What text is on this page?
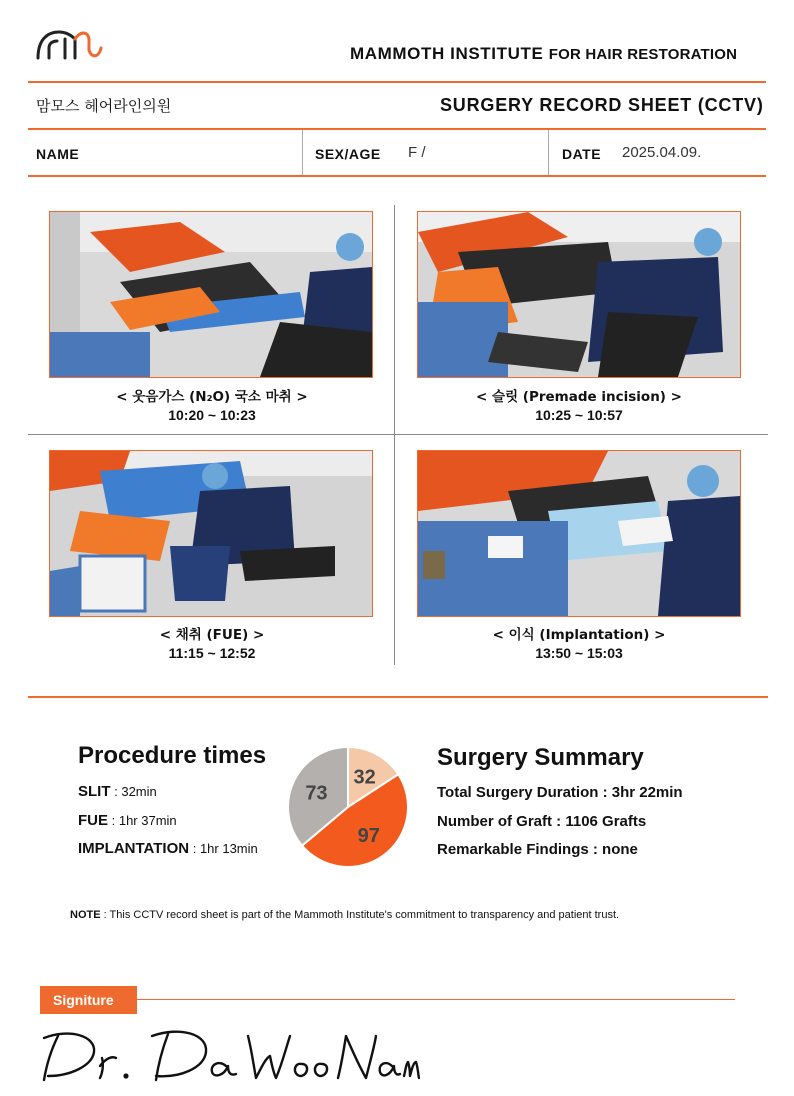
MAMMOTH INSTITUTE FOR HAIR RESTORATION
맘모스 헤어라인의원	SURGERY RECORD SHEET (CCTV)
NAME	SEX/AGE F /	DATE 2025.04.09.
< 웃음가스 (N₂O) 국소 마취 >
10:20 ~ 10:23
< 슬릿 (Premade incision) >
10:25 ~ 10:57
< 채취 (FUE) >
11:15 ~ 12:52
< 이식 (Implantation) >
13:50 ~ 15:03
Procedure times
SLIT : 32min
FUE : 1hr 37min
IMPLANTATION : 1hr 13min
32
97
73
Surgery Summary
Total Surgery Duration : 3hr 22min
Number of Graft : 1106 Grafts
Remarkable Findings : none
NOTE : This CCTV record sheet is part of the Mammoth Institute's commitment to transparency and patient trust.
Signiture
